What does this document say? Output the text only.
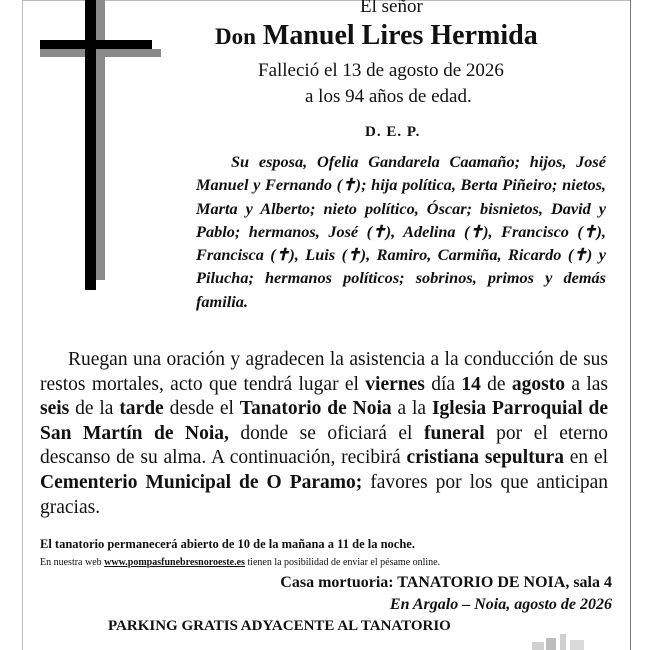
El señor
Don Manuel Lires Hermida
Falleció el 13 de agosto de 2026
a los 94 años de edad.
D. E. P.
Su esposa, Ofelia Gandarela Caamaño; hijos, José Manuel y Fernando (✝); hija política, Berta Piñeiro; nietos, Marta y Alberto; nieto político, Óscar; bisnietos, David y Pablo; hermanos, José (✝), Adelina (✝), Francisco (✝), Francisca (✝), Luis (✝), Ramiro, Carmiña, Ricardo (✝) y Pilucha; hermanos políticos; sobrinos, primos y demás familia.
Ruegan una oración y agradecen la asistencia a la conducción de sus restos mortales, acto que tendrá lugar el viernes día 14 de agosto a las seis de la tarde desde el Tanatorio de Noia a la Iglesia Parroquial de San Martín de Noia, donde se oficiará el funeral por el eterno descanso de su alma. A continuación, recibirá cristiana sepultura en el Cementerio Municipal de O Paramo; favores por los que anticipan gracias.
El tanatorio permanecerá abierto de 10 de la mañana a 11 de la noche.
En nuestra web www.pompasfunebresnoroeste.es tienen la posibilidad de enviar el pésame online.
Casa mortuoria: TANATORIO DE NOIA, sala 4
En Argalo – Noia, agosto de 2026
PARKING GRATIS ADYACENTE AL TANATORIO
